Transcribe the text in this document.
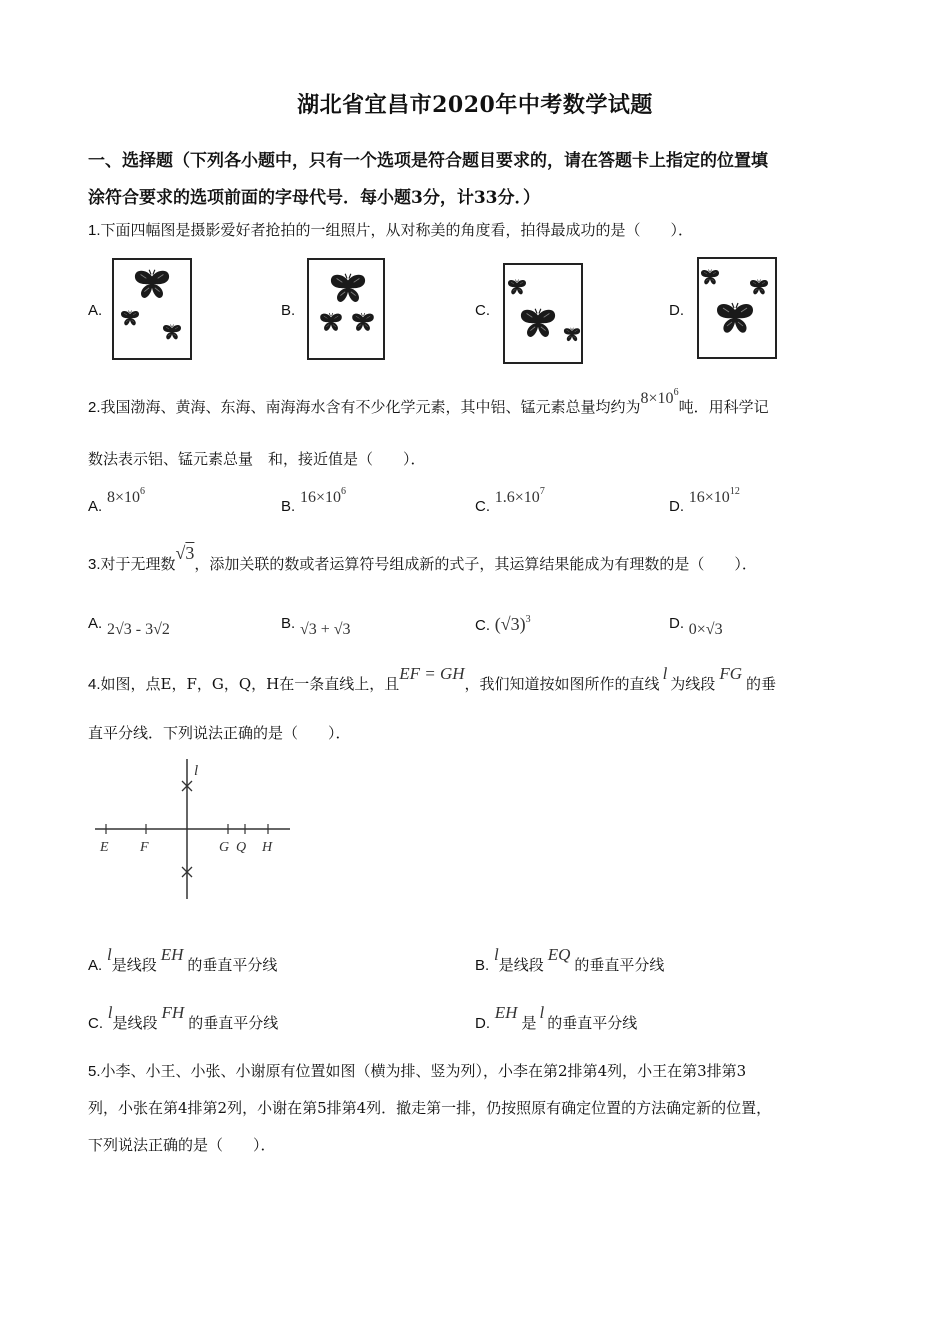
湖北省宜昌市2020年中考数学试题
一、选择题（下列各小题中，只有一个选项是符合题目要求的，请在答题卡上指定的位置填
涂符合要求的选项前面的字母代号．每小题3分，计33分．）
1.下面四幅图是摄影爱好者抢拍的一组照片，从对称美的角度看，拍得最成功的是（　　）．
A.	B.	C.	D.
2.我国渤海、黄海、东海、南海海水含有不少化学元素，其中铝、锰元素总量均约为$8\times 10^6$吨．用科学记
数法表示铝、锰元素总量　和，接近值是（　　）．
A. $8\times 10^6$
B. $16\times 10^6$
C. $1.6\times 10^7$
D. $16\times 10^{12}$
3.对于无理数√3，添加关联的数或者运算符号组成新的式子，其运算结果能成为有理数的是（　　）．
A. 2√3 - 3√2	B. √3 + √3	C. $(√3)^3$	D. 0×√3
4.如图，点E，F，G，Q，H在一条直线上，且EF = GH，我们知道按如图所作的直线l为线段FG的垂
直平分线．下列说法正确的是（　　）．
l
E F	G Q H
A. l是线段EH的垂直平分线	B. l是线段EQ的垂直平分线
C. l是线段FH的垂直平分线	D. EH是l的垂直平分线
5.小李、小王、小张、小谢原有位置如图（横为排、竖为列），小李在第2排第4列，小王在第3排第3
列，小张在第4排第2列，小谢在第5排第4列．撤走第一排，仍按照原有确定位置的方法确定新的位置，
下列说法正确的是（　　）．
